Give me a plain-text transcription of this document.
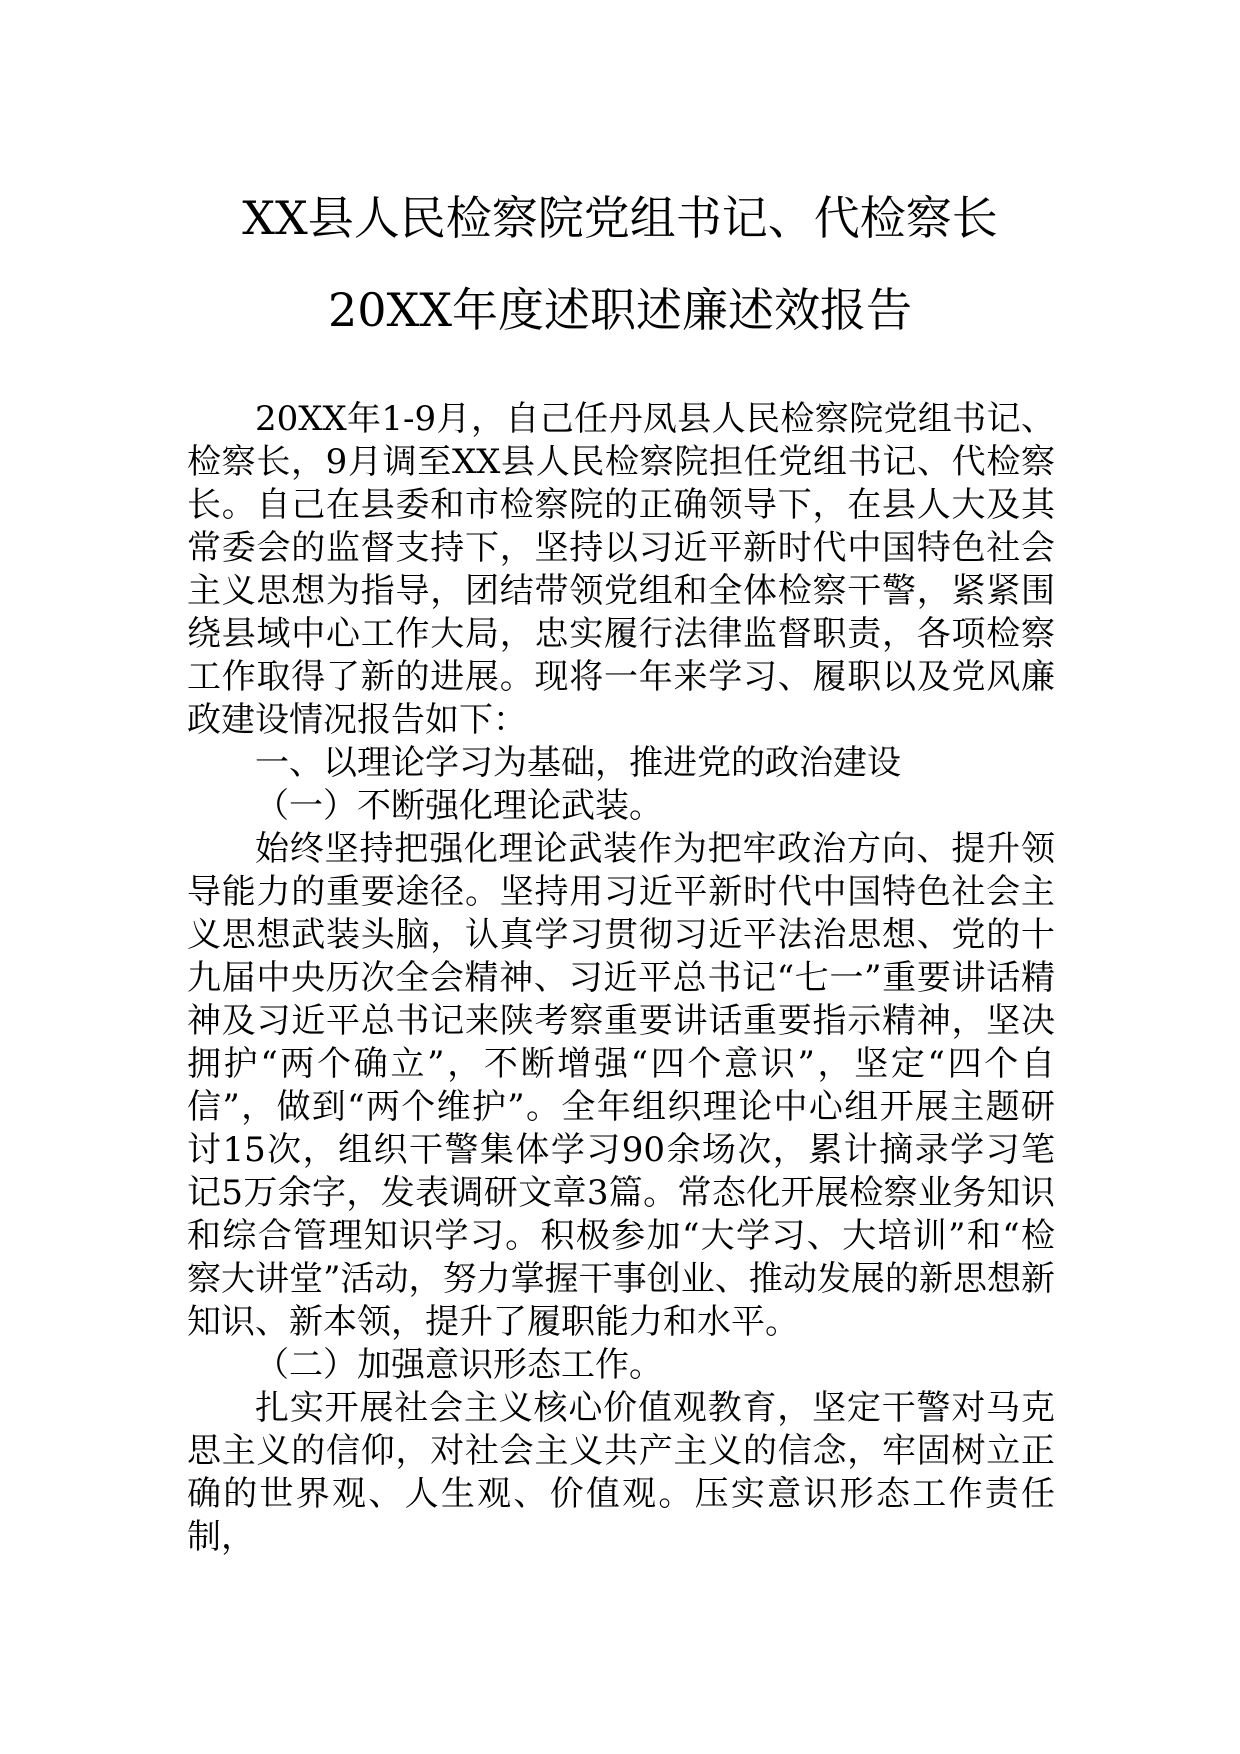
XX县人民检察院党组书记、代检察长
20XX年度述职述廉述效报告

20XX年1-9月，自己任丹凤县人民检察院党组书记、检察长，9月调至XX县人民检察院担任党组书记、代检察长。自己在县委和市检察院的正确领导下，在县人大及其常委会的监督支持下，坚持以习近平新时代中国特色社会主义思想为指导，团结带领党组和全体检察干警，紧紧围绕县域中心工作大局，忠实履行法律监督职责，各项检察工作取得了新的进展。现将一年来学习、履职以及党风廉政建设情况报告如下：

一、以理论学习为基础，推进党的政治建设

（一）不断强化理论武装。

始终坚持把强化理论武装作为把牢政治方向、提升领导能力的重要途径。坚持用习近平新时代中国特色社会主义思想武装头脑，认真学习贯彻习近平法治思想、党的十九届中央历次全会精神、习近平总书记“七一”重要讲话精神及习近平总书记来陕考察重要讲话重要指示精神，坚决拥护“两个确立”，不断增强“四个意识”，坚定“四个自信”，做到“两个维护”。全年组织理论中心组开展主题研讨15次，组织干警集体学习90余场次，累计摘录学习笔记5万余字，发表调研文章3篇。常态化开展检察业务知识和综合管理知识学习。积极参加“大学习、大培训”和“检察大讲堂”活动，努力掌握干事创业、推动发展的新思想新知识、新本领，提升了履职能力和水平。

（二）加强意识形态工作。

扎实开展社会主义核心价值观教育，坚定干警对马克思主义的信仰，对社会主义共产主义的信念，牢固树立正确的世界观、人生观、价值观。压实意识形态工作责任制，
